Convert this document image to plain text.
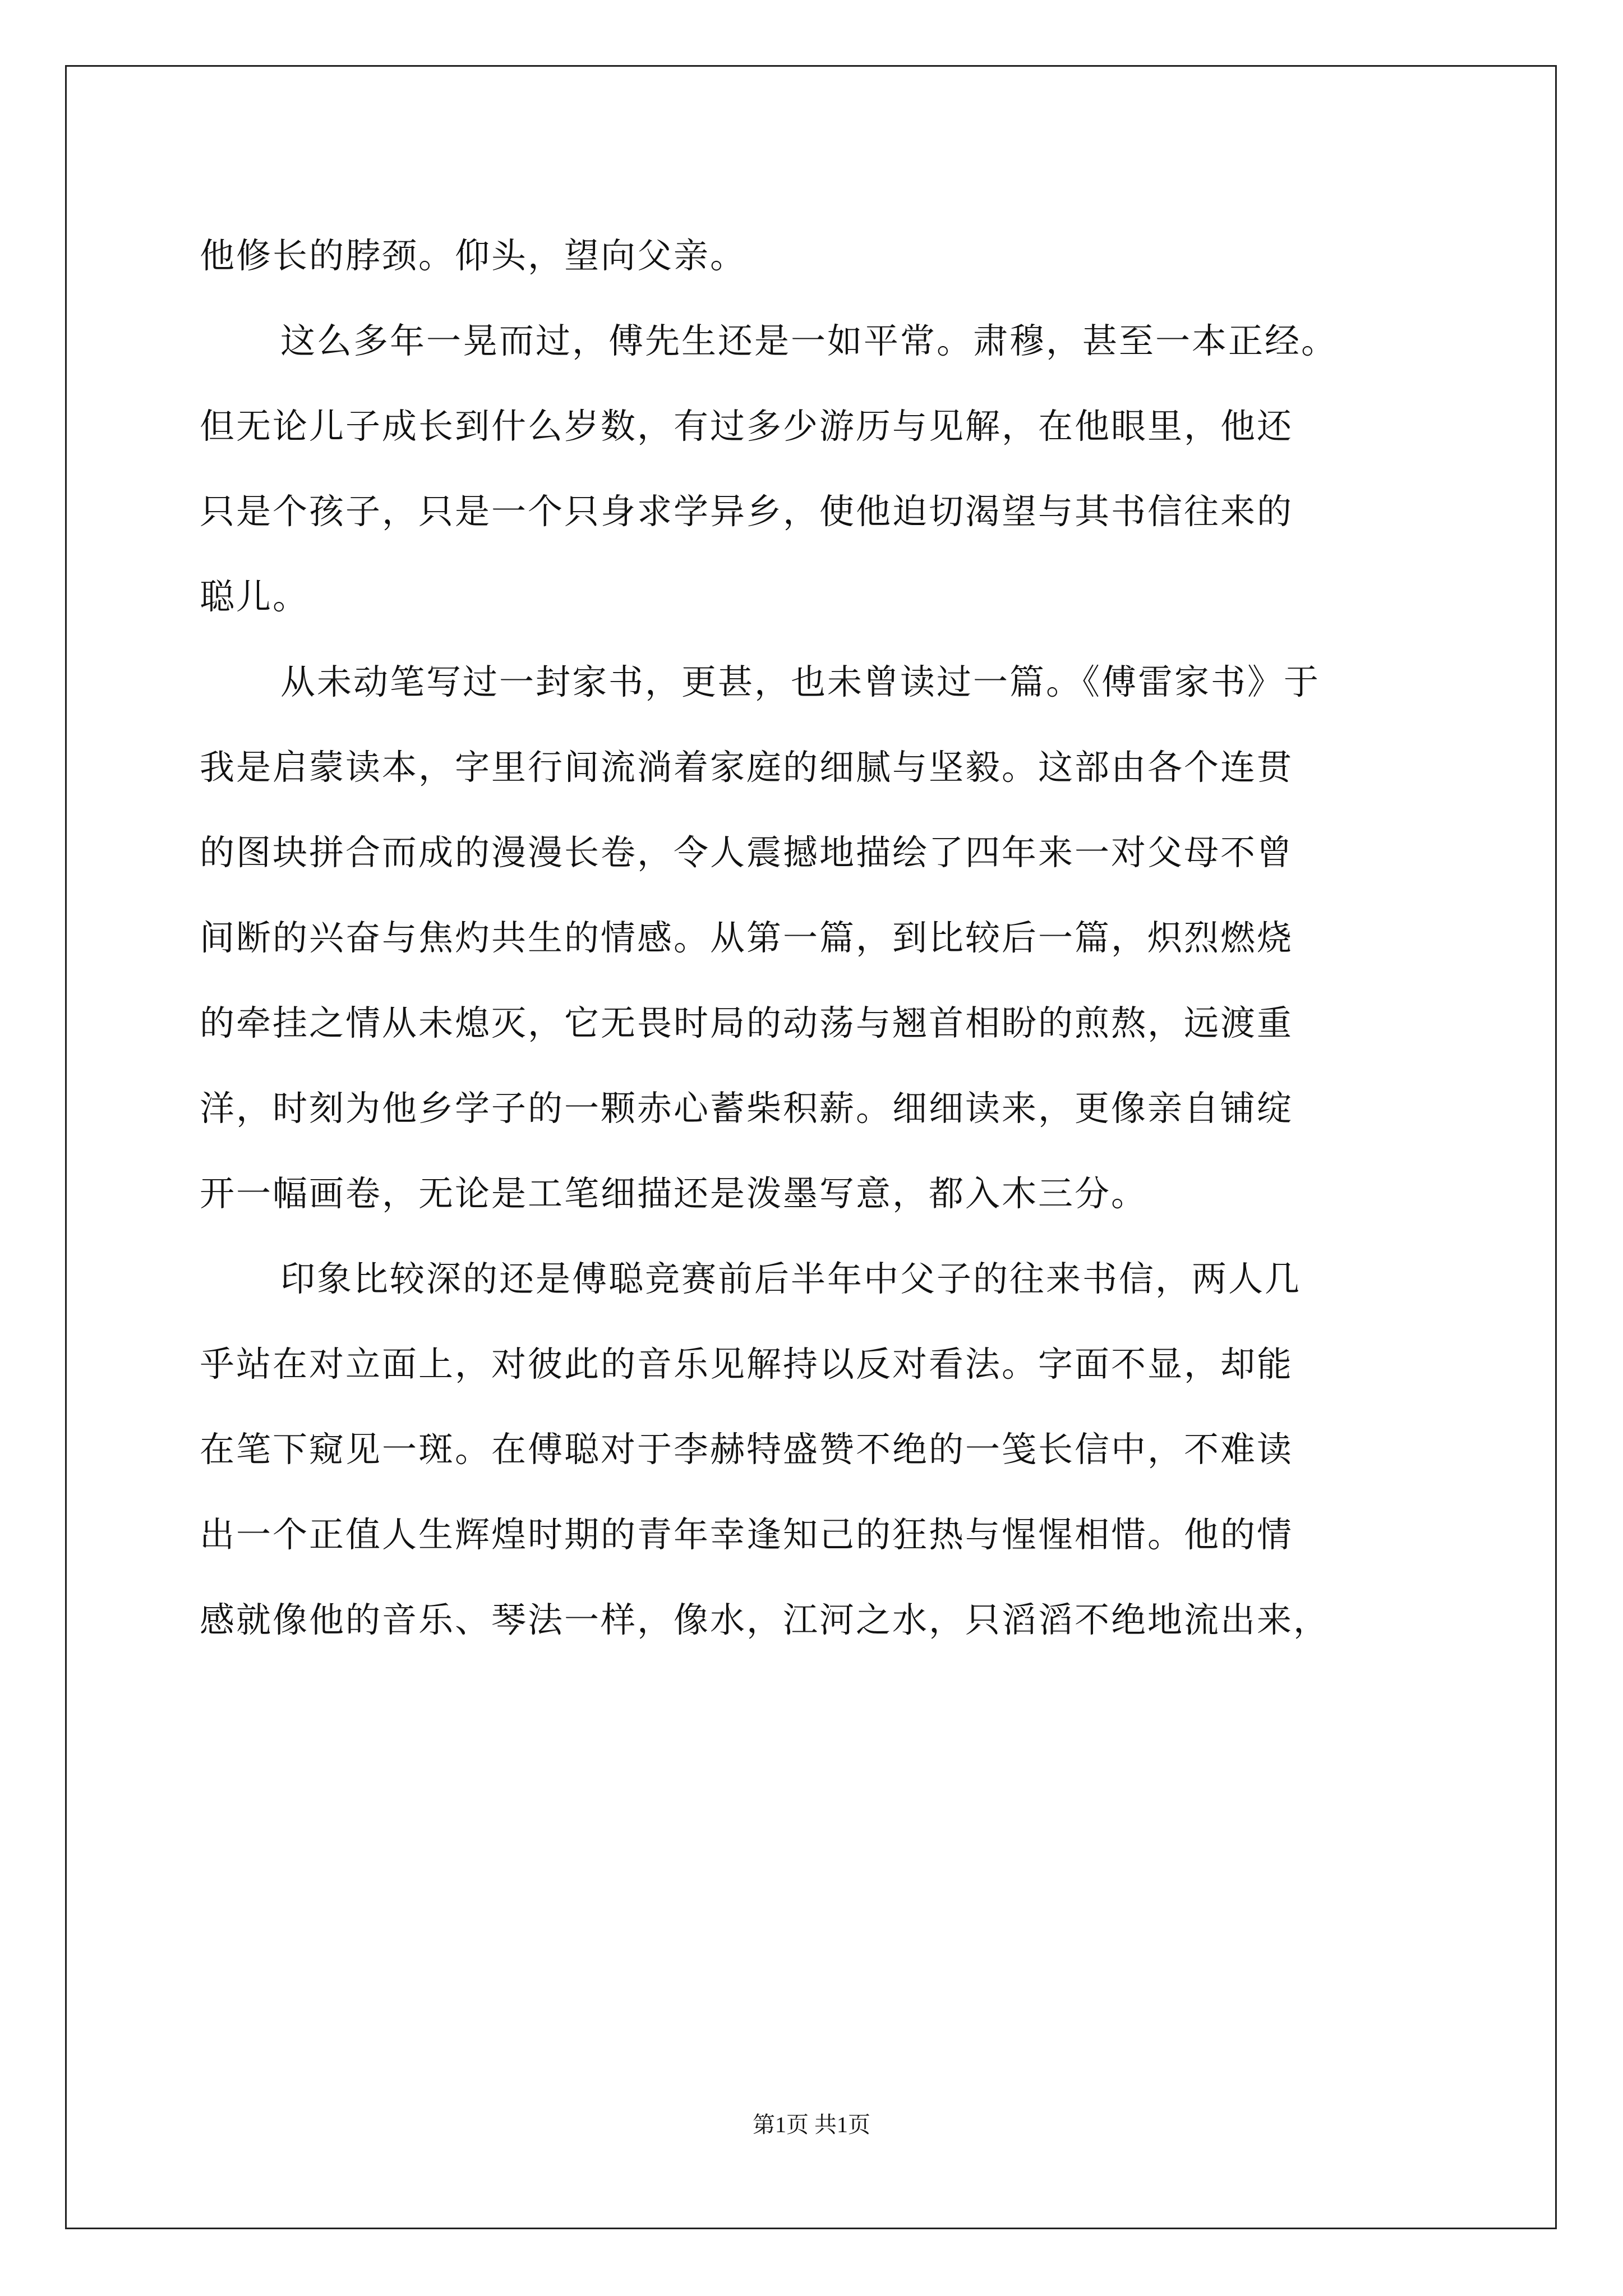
他修长的脖颈。仰头，望向父亲。
这么多年一晃而过，傅先生还是一如平常。肃穆，甚至一本正经。
但无论儿子成长到什么岁数，有过多少游历与见解，在他眼里，他还
只是个孩子，只是一个只身求学异乡，使他迫切渴望与其书信往来的
聪儿。
从未动笔写过一封家书，更甚，也未曾读过一篇。《傅雷家书》于
我是启蒙读本，字里行间流淌着家庭的细腻与坚毅。这部由各个连贯
的图块拼合而成的漫漫长卷，令人震撼地描绘了四年来一对父母不曾
间断的兴奋与焦灼共生的情感。从第一篇，到比较后一篇，炽烈燃烧
的牵挂之情从未熄灭，它无畏时局的动荡与翘首相盼的煎熬，远渡重
洋，时刻为他乡学子的一颗赤心蓄柴积薪。细细读来，更像亲自铺绽
开一幅画卷，无论是工笔细描还是泼墨写意，都入木三分。
印象比较深的还是傅聪竞赛前后半年中父子的往来书信，两人几
乎站在对立面上，对彼此的音乐见解持以反对看法。字面不显，却能
在笔下窥见一斑。在傅聪对于李赫特盛赞不绝的一笺长信中，不难读
出一个正值人生辉煌时期的青年幸逢知己的狂热与惺惺相惜。他的情
感就像他的音乐、琴法一样，像水，江河之水，只滔滔不绝地流出来，
第1页 共1页
